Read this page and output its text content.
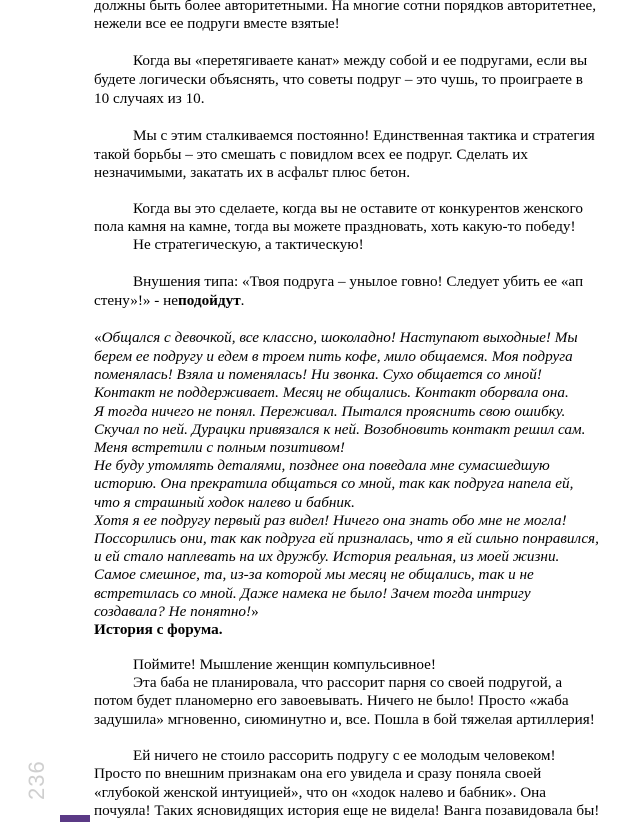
должны быть более авторитетными. На многие сотни порядков авторитетнее,
нежели все ее подруги вместе взятые!
Когда вы «перетягиваете канат» между собой и ее подругами, если вы
будете логически объяснять, что советы подруг – это чушь, то проиграете в
10 случаях из 10.
Мы с этим сталкиваемся постоянно! Единственная тактика и стратегия
такой борьбы – это смешать с повидлом всех ее подруг. Сделать их
незначимыми, закатать их в асфальт плюс бетон.
Когда вы это сделаете, когда вы не оставите от конкурентов женского
пола камня на камне, тогда вы можете праздновать, хоть какую-то победу!
Не стратегическую, а тактическую!
Внушения типа: «Твоя подруга – унылое говно! Следует убить ее «ап
стену»!» - неподойдут.
«Общался с девочкой, все классно, шоколадно! Наступают выходные! Мы
берем ее подругу и едем в троем пить кофе, мило общаемся. Моя подруга
поменялась! Взяла и поменялась! Ни звонка. Сухо общается со мной!
Контакт не поддерживает. Месяц не общались. Контакт оборвала она.
Я тогда ничего не понял. Переживал. Пытался прояснить свою ошибку.
Скучал по ней. Дурацки привязался к ней. Возобновить контакт решил сам.
Меня встретили с полным позитивом!
Не буду утомлять деталями, позднее она поведала мне сумасшедшую
историю. Она прекратила общаться со мной, так как подруга напела ей,
что я страшный ходок налево и бабник.
Хотя я ее подругу первый раз видел! Ничего она знать обо мне не могла!
Поссорились они, так как подруга ей призналась, что я ей сильно понравился,
и ей стало наплевать на их дружбу. История реальная, из моей жизни.
Самое смешное, та, из-за которой мы месяц не общались, так и не
встретилась со мной. Даже намека не было! Зачем тогда интригу
создавала? Не понятно!»
История с форума.
Поймите! Мышление женщин компульсивное!
Эта баба не планировала, что рассорит парня со своей подругой, а
потом будет планомерно его завоевывать. Ничего не было! Просто «жаба
задушила» мгновенно, сиюминутно и, все. Пошла в бой тяжелая артиллерия!
Ей ничего не стоило рассорить подругу с ее молодым человеком!
Просто по внешним признакам она его увидела и сразу поняла своей
«глубокой женской интуицией», что он «ходок налево и бабник». Она
почуяла! Таких ясновидящих история еще не видела! Ванга позавидовала бы!
236
